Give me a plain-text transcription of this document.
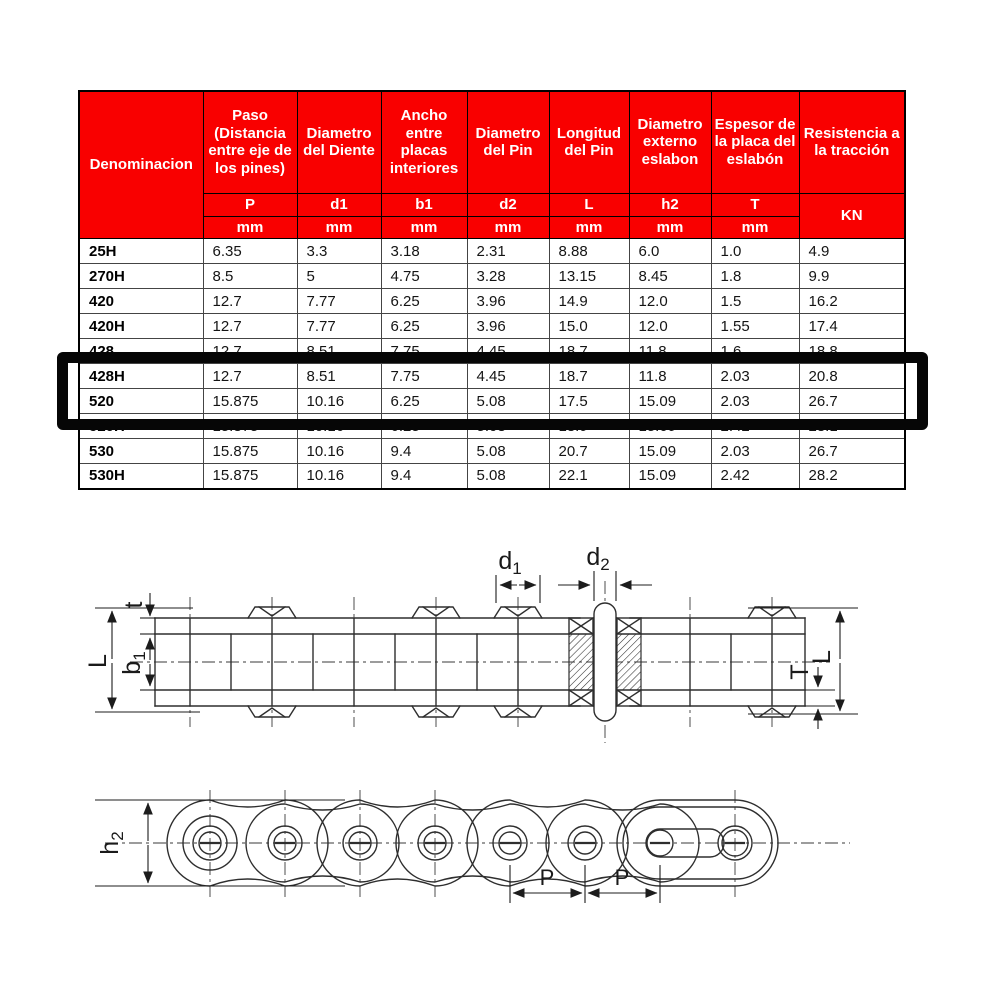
Denominacion	Paso (Distancia entre eje de los pines)	Diametro del Diente	Ancho entre placas interiores	Diametro del Pin	Longitud del Pin	Diametro externo eslabon	Espesor de la placa del eslabón	Resistencia a la tracción
	P	d1	b1	d2	L	h2	T	KN
	mm	mm	mm	mm	mm	mm	mm	
25H	6.35	3.3	3.18	2.31	8.88	6.0	1.0	4.9
270H	8.5	5	4.75	3.28	13.15	8.45	1.8	9.9
420	12.7	7.77	6.25	3.96	14.9	12.0	1.5	16.2
420H	12.7	7.77	6.25	3.96	15.0	12.0	1.55	17.4
428	12.7	8.51	7.75	4.45	18.7	11.8	1.6	18.8
428H	12.7	8.51	7.75	4.45	18.7	11.8	2.03	20.8
520	15.875	10.16	6.25	5.08	17.5	15.09	2.03	26.7
520H	15.875	10.16	6.25	5.08	18.9	15.09	2.42	28.1
530	15.875	10.16	9.4	5.08	20.7	15.09	2.03	26.7
530H	15.875	10.16	9.4	5.08	22.1	15.09	2.42	28.2
L
t
$b_1$
$d_1$	$d_2$
L
T
$h_2$
P	P
